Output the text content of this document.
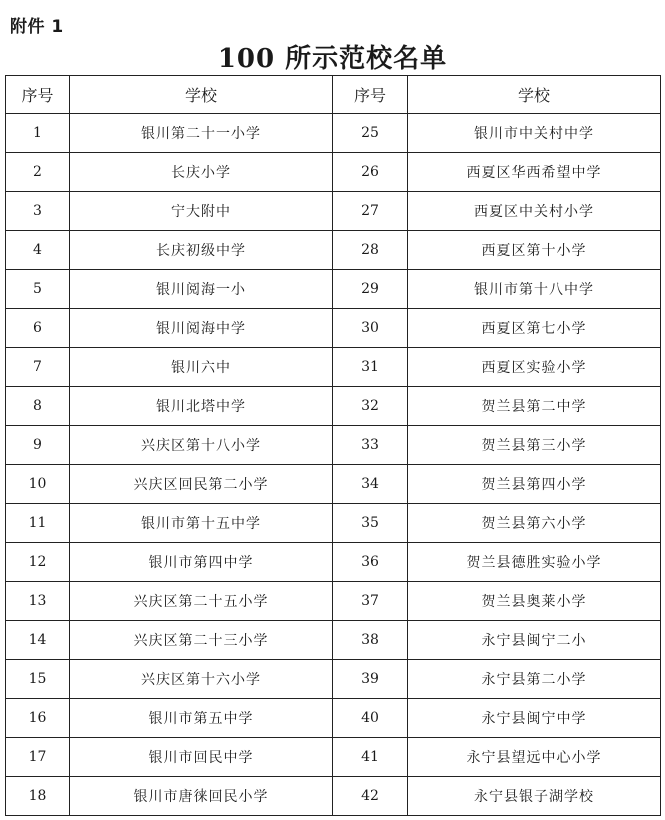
附件 1
100 所示范校名单
序号	学校	序号	学校
1	银川第二十一小学	25	银川市中关村中学
2	长庆小学	26	西夏区华西希望中学
3	宁大附中	27	西夏区中关村小学
4	长庆初级中学	28	西夏区第十小学
5	银川阅海一小	29	银川市第十八中学
6	银川阅海中学	30	西夏区第七小学
7	银川六中	31	西夏区实验小学
8	银川北塔中学	32	贺兰县第二中学
9	兴庆区第十八小学	33	贺兰县第三小学
10	兴庆区回民第二小学	34	贺兰县第四小学
11	银川市第十五中学	35	贺兰县第六小学
12	银川市第四中学	36	贺兰县德胜实验小学
13	兴庆区第二十五小学	37	贺兰县奥莱小学
14	兴庆区第二十三小学	38	永宁县闽宁二小
15	兴庆区第十六小学	39	永宁县第二小学
16	银川市第五中学	40	永宁县闽宁中学
17	银川市回民中学	41	永宁县望远中心小学
18	银川市唐徕回民小学	42	永宁县银子湖学校
